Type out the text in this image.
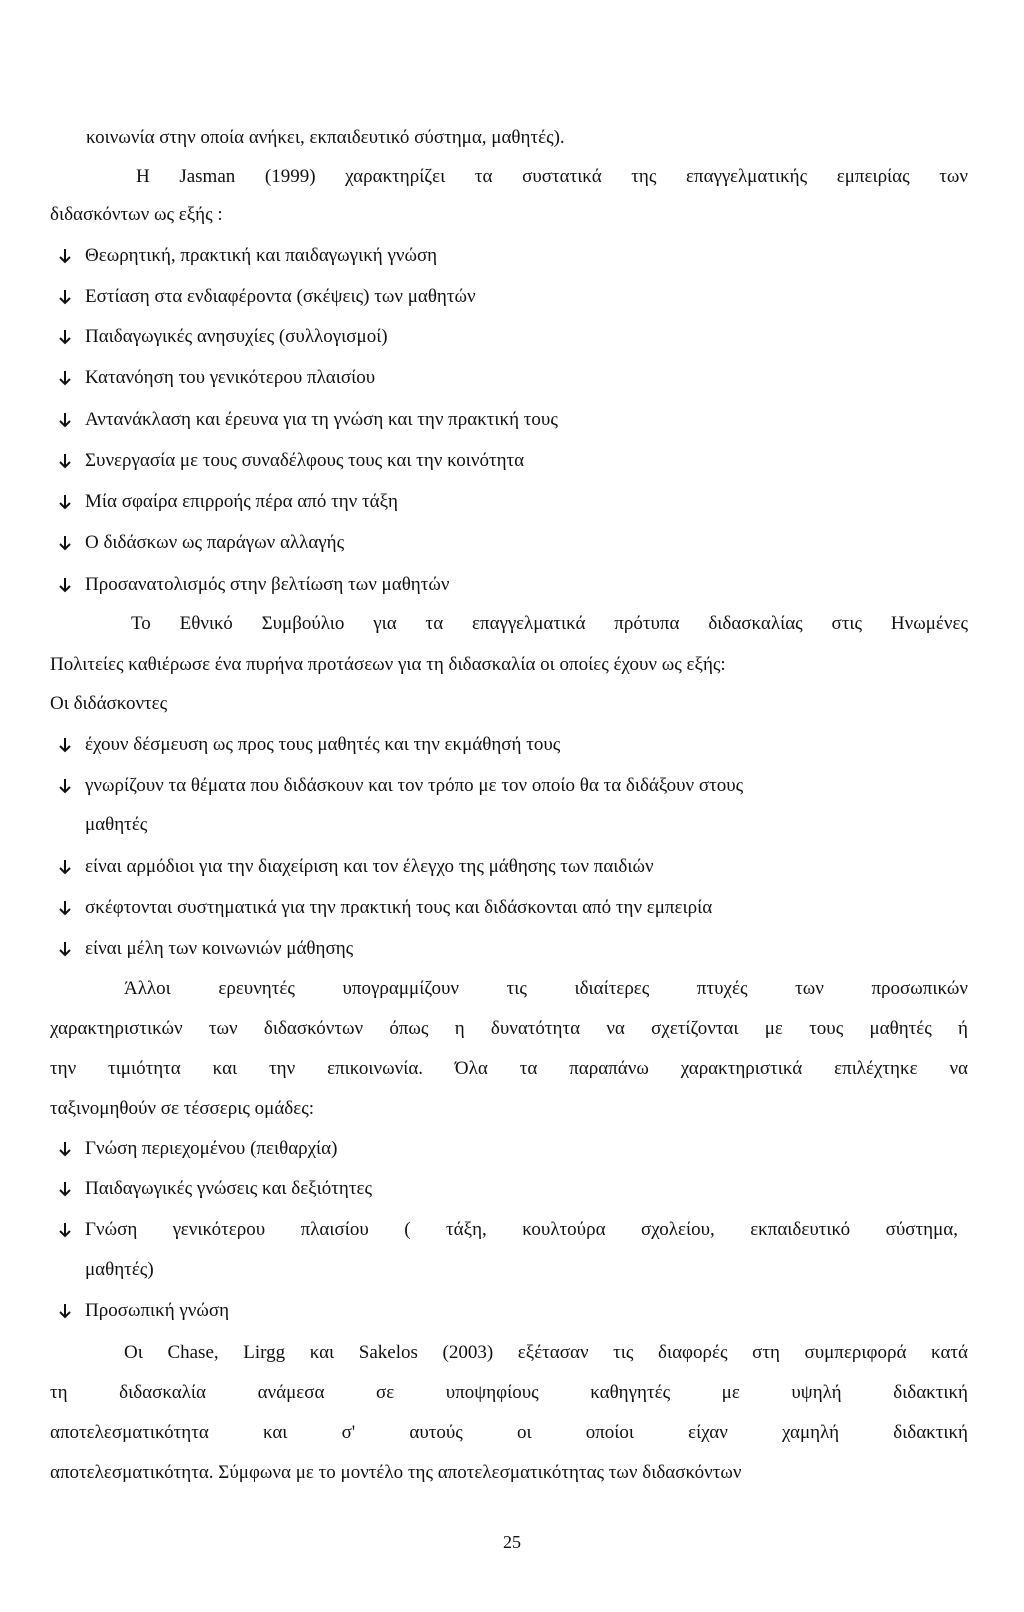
κοινωνία στην οποία ανήκει, εκπαιδευτικό σύστημα, μαθητές).
Η Jasman (1999) χαρακτηρίζει τα συστατικά της επαγγελματικής εμπειρίας των
διδασκόντων ως εξής :
Θεωρητική, πρακτική και παιδαγωγική γνώση
Εστίαση στα ενδιαφέροντα (σκέψεις) των μαθητών
Παιδαγωγικές ανησυχίες (συλλογισμοί)
Κατανόηση του γενικότερου πλαισίου
Αντανάκλαση και έρευνα για τη γνώση και την πρακτική τους
Συνεργασία με τους συναδέλφους τους και την κοινότητα
Μία σφαίρα επιρροής πέρα από την τάξη
Ο διδάσκων ως παράγων αλλαγής
Προσανατολισμός στην βελτίωση των μαθητών
Το Εθνικό Συμβούλιο για τα επαγγελματικά πρότυπα διδασκαλίας στις Ηνωμένες
Πολιτείες καθιέρωσε ένα πυρήνα προτάσεων για τη διδασκαλία οι οποίες έχουν ως εξής:
Οι διδάσκοντες
έχουν δέσμευση ως προς τους μαθητές και την εκμάθησή τους
γνωρίζουν τα θέματα που διδάσκουν και τον τρόπο με τον οποίο θα τα διδάξουν στους
μαθητές
είναι αρμόδιοι για την διαχείριση και τον έλεγχο της μάθησης των παιδιών
σκέφτονται συστηματικά για την πρακτική τους και διδάσκονται από την εμπειρία
είναι μέλη των κοινωνιών μάθησης
Άλλοι ερευνητές υπογραμμίζουν τις ιδιαίτερες πτυχές των προσωπικών
χαρακτηριστικών των διδασκόντων όπως η δυνατότητα να σχετίζονται με τους μαθητές ή
την τιμιότητα και την επικοινωνία. Όλα τα παραπάνω χαρακτηριστικά επιλέχτηκε να
ταξινομηθούν σε τέσσερις ομάδες:
Γνώση περιεχομένου (πειθαρχία)
Παιδαγωγικές γνώσεις και δεξιότητες
Γνώση γενικότερου πλαισίου ( τάξη, κουλτούρα σχολείου, εκπαιδευτικό σύστημα,
μαθητές)
Προσωπική γνώση
Οι Chase, Lirgg και Sakelos (2003) εξέτασαν τις διαφορές στη συμπεριφορά κατά
τη διδασκαλία ανάμεσα σε υποψηφίους καθηγητές με υψηλή διδακτική
αποτελεσματικότητα και σ' αυτούς οι οποίοι είχαν χαμηλή διδακτική
αποτελεσματικότητα. Σύμφωνα με το μοντέλο της αποτελεσματικότητας των διδασκόντων
25
